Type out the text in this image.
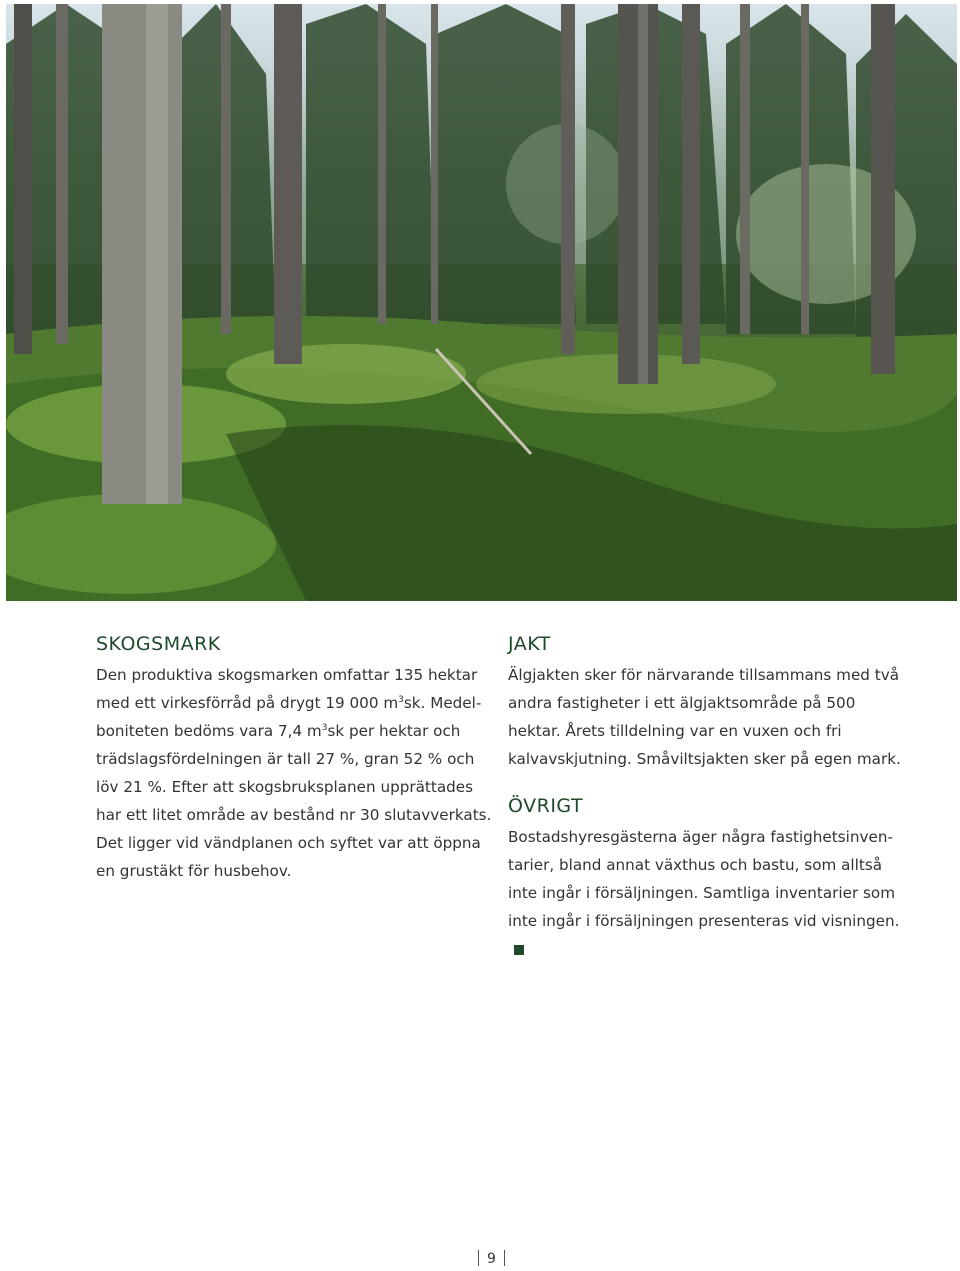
SKOGSMARK

Den produktiva skogsmarken omfattar 135 hektar med ett virkesförråd på drygt 19 000 $m^3sk$. Medelboniteten bedöms vara 7,4 $m^3sk$ per hektar och trädslagsfördelningen är tall 27 %, gran 52 % och löv 21 %. Efter att skogsbruksplanen upprättades har ett litet område av bestånd nr 30 slutavverkats. Det ligger vid vändplanen och syftet var att öppna en grustäkt för husbehov.

JAKT

Älgjakten sker för närvarande tillsammans med två andra fastigheter i ett älgjaktsområde på 500 hektar. Årets tilldelning var en vuxen och fri kalvavskjutning. Småviltsjakten sker på egen mark.

ÖVRIGT

Bostadshyresgästerna äger några fastighetsinventarier, bland annat växthus och bastu, som alltså inte ingår i försäljningen. Samtliga inventarier som inte ingår i försäljningen presenteras vid visningen.

9
